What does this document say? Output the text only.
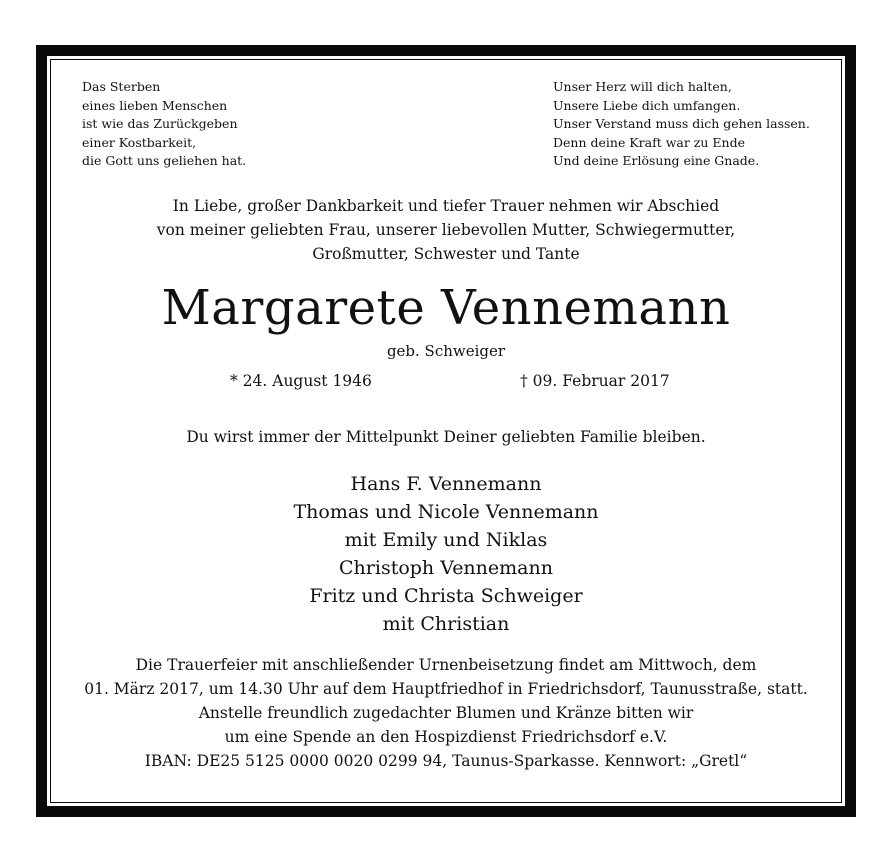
Das Sterben
eines lieben Menschen
ist wie das Zurückgeben
einer Kostbarkeit,
die Gott uns geliehen hat.
Unser Herz will dich halten,
Unsere Liebe dich umfangen.
Unser Verstand muss dich gehen lassen.
Denn deine Kraft war zu Ende
Und deine Erlösung eine Gnade.
In Liebe, großer Dankbarkeit und tiefer Trauer nehmen wir Abschied
von meiner geliebten Frau, unserer liebevollen Mutter, Schwiegermutter,
Großmutter, Schwester und Tante
Margarete Vennemann
geb. Schweiger
* 24. August 1946	† 09. Februar 2017
Du wirst immer der Mittelpunkt Deiner geliebten Familie bleiben.
Hans F. Vennemann
Thomas und Nicole Vennemann
mit Emily und Niklas
Christoph Vennemann
Fritz und Christa Schweiger
mit Christian
Die Trauerfeier mit anschließender Urnenbeisetzung findet am Mittwoch, dem
01. März 2017, um 14.30 Uhr auf dem Hauptfriedhof in Friedrichsdorf, Taunusstraße, statt.
Anstelle freundlich zugedachter Blumen und Kränze bitten wir
um eine Spende an den Hospizdienst Friedrichsdorf e.V.
IBAN: DE25 5125 0000 0020 0299 94, Taunus-Sparkasse. Kennwort: „Gretl“
